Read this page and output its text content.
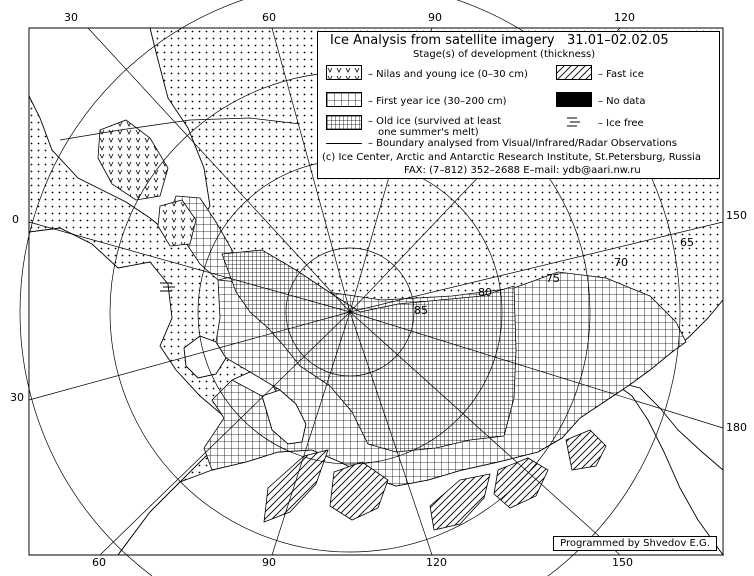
65
70
75
80
85
30	60	90	120
60	90	120	150
0
30
150
180
Ice Analysis from satellite imagery 31.01–02.02.05
Stage(s) of development (thickness)
– Nilas and young ice (0–30 cm)
– First year ice (30–200 cm)
– Old ice (survived at least
one summer's melt)
– Fast ice
– No data
– Ice free
– Boundary analysed from Visual/Infrared/Radar Observations
(c) Ice Center, Arctic and Antarctic Research Institute, St.Petersburg, Russia
FAX: (7–812) 352–2688 E–mail: ydb@aari.nw.ru
Programmed by Shvedov E.G.
